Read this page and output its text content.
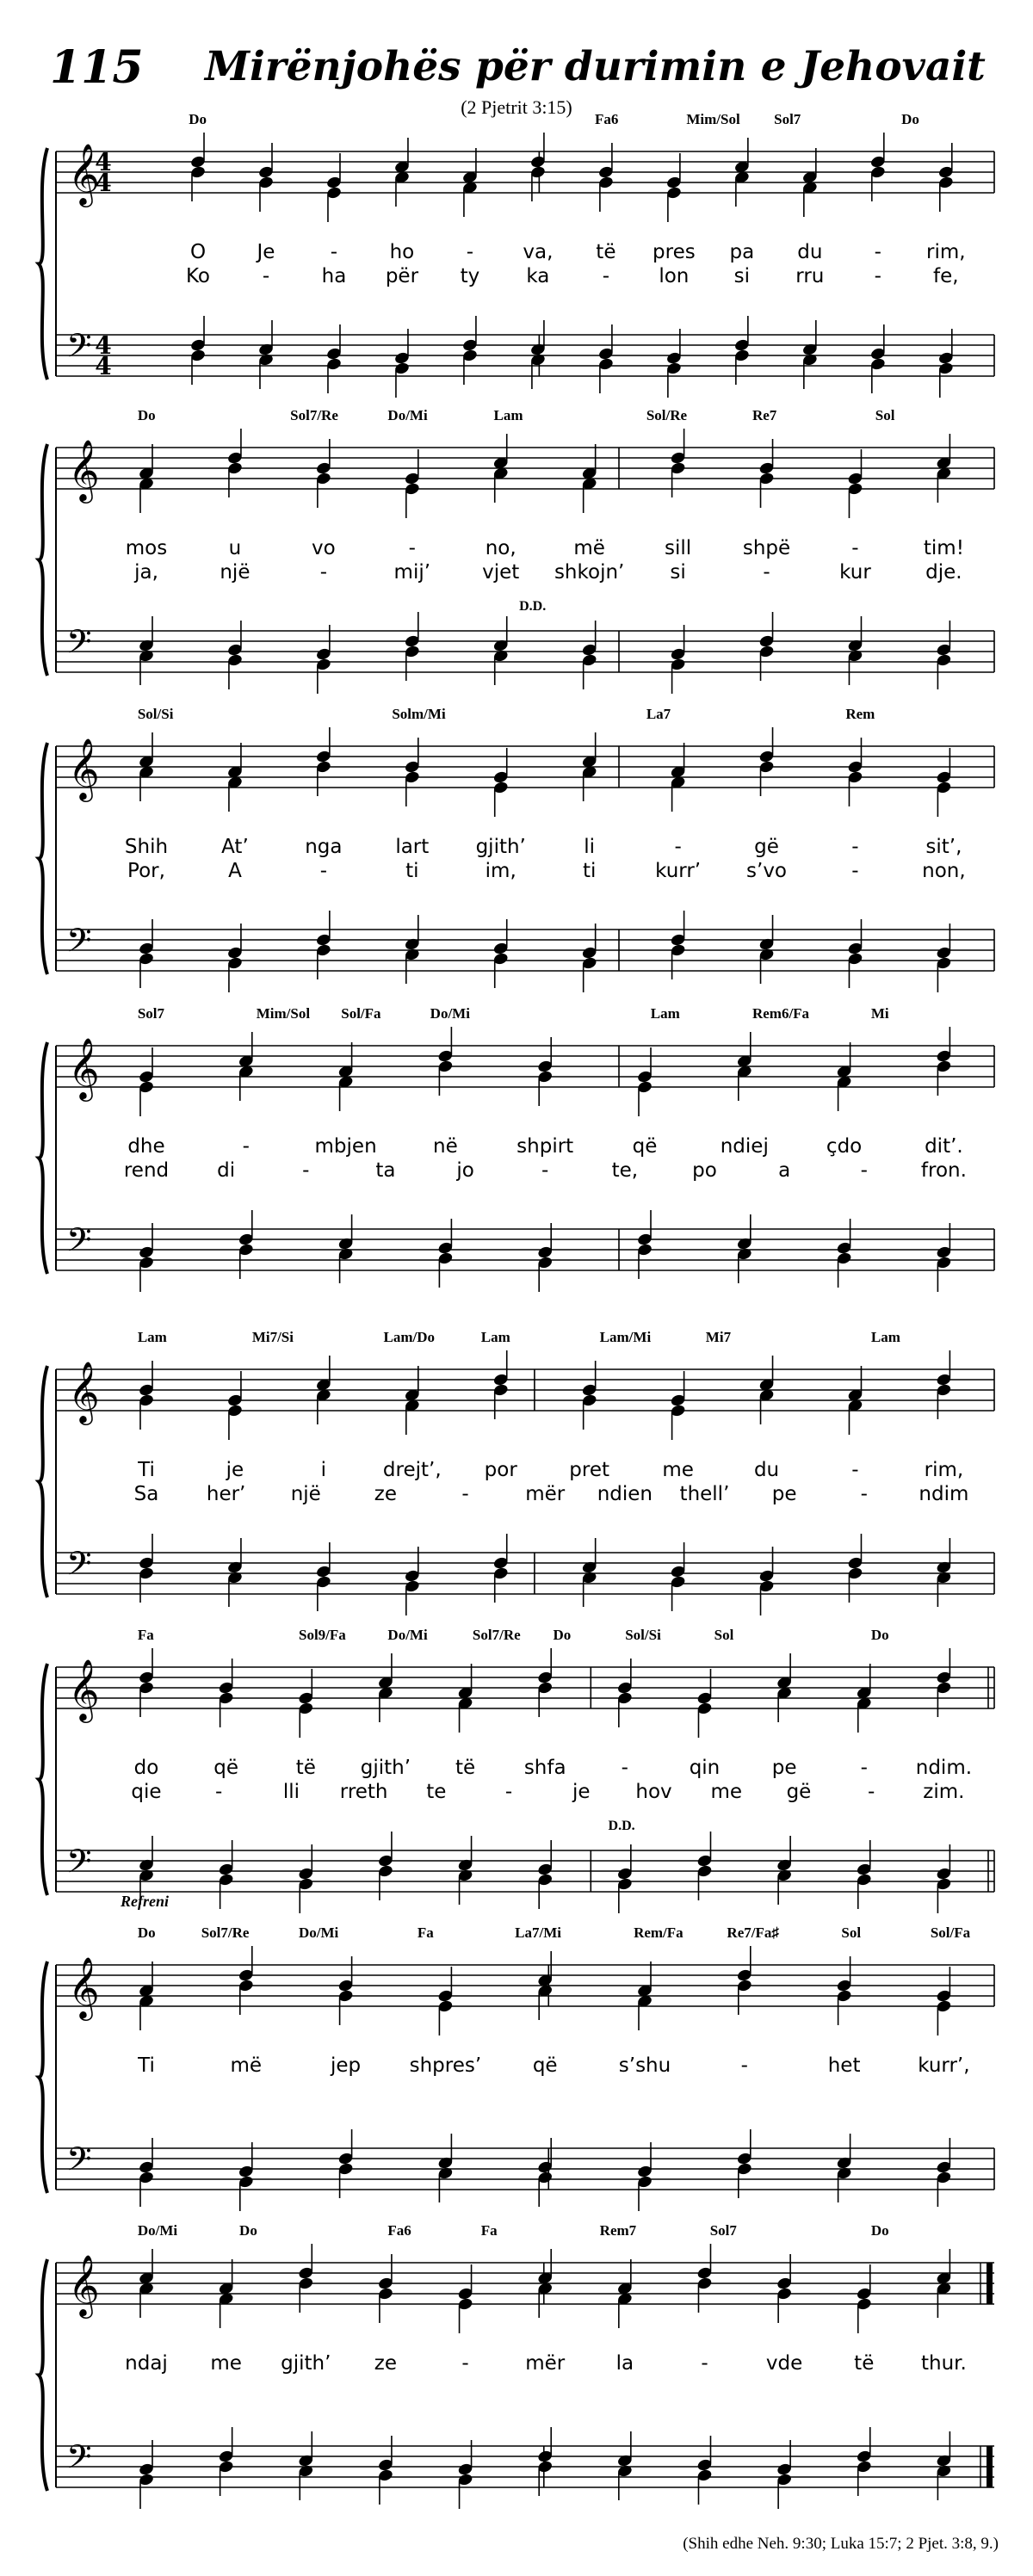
115 Mirënjohës për durimin e Jehovait
(2 Pjetrit 3:15)
𝄞
𝄢
4
4
4
4
Do	Fa6	Mim/Sol Sol7	Do
O	Je	-	ho	- va, të pres pa du	- rim,
Ko	-	ha për ty ka	- lon si rru	-	fe,
𝄞
𝄢
Do	Sol7/Re	Do/Mi	Lam	Sol/Re	Re7	Sol
D.D.
mos	u	vo	-	no,	më	sill	shpë	-	tim!
ja,	një	-	mij’	vjet shkojn’ si	-	kur	dje.
𝄞
𝄢
Sol/Si	Solm/Mi	La7	Rem
Shih	At’	nga	lart gjith’	li	-	gë	-	sit’,
Por,	A	-	ti	im,	ti	kurr’ s’vo	-	non,
𝄞
𝄢
Sol7	Mim/Sol Sol/Fa	Do/Mi	Lam	Rem6/Fa	Mi
dhe	-	mbjen	në	shpirt	që	ndiej	çdo	dit’.
rend di	-	ta	jo	-	te,	po	a	-	fron.
𝄞
𝄢
Lam	Mi7/Si	Lam/Do	Lam	Lam/Mi	Mi7	Lam
Ti	je	i	drejt’, por	pret	me	du	-	rim,
Sa her’ një	ze	-	mër ndien thell’ pe	-	ndim
𝄞
𝄢
Fa	Sol9/Fa	Do/Mi	Sol7/Re Do	Sol/Si	Sol	Do
D.D.
do	që	të gjith’ të shfa	-	qin	pe	- ndim.
qie	-	lli rreth te	-	je hov me gë	- zim.
𝄞
𝄢
Refreni
Do	Sol7/Re	Do/Mi	Fa	La7/Mi	Rem/Fa	Re7/Fa♯	Sol	Sol/Fa
Ti	më	jep shpres’	që	s’shu	-	het	kurr’,
𝄞
𝄢
Do/Mi	Do	Fa6	Fa	Rem7	Sol7	Do
ndaj me gjith’ ze	-	mër	la	-	vde	të thur.
(Shih edhe Neh. 9:30; Luka 15:7; 2 Pjet. 3:8, 9.)
